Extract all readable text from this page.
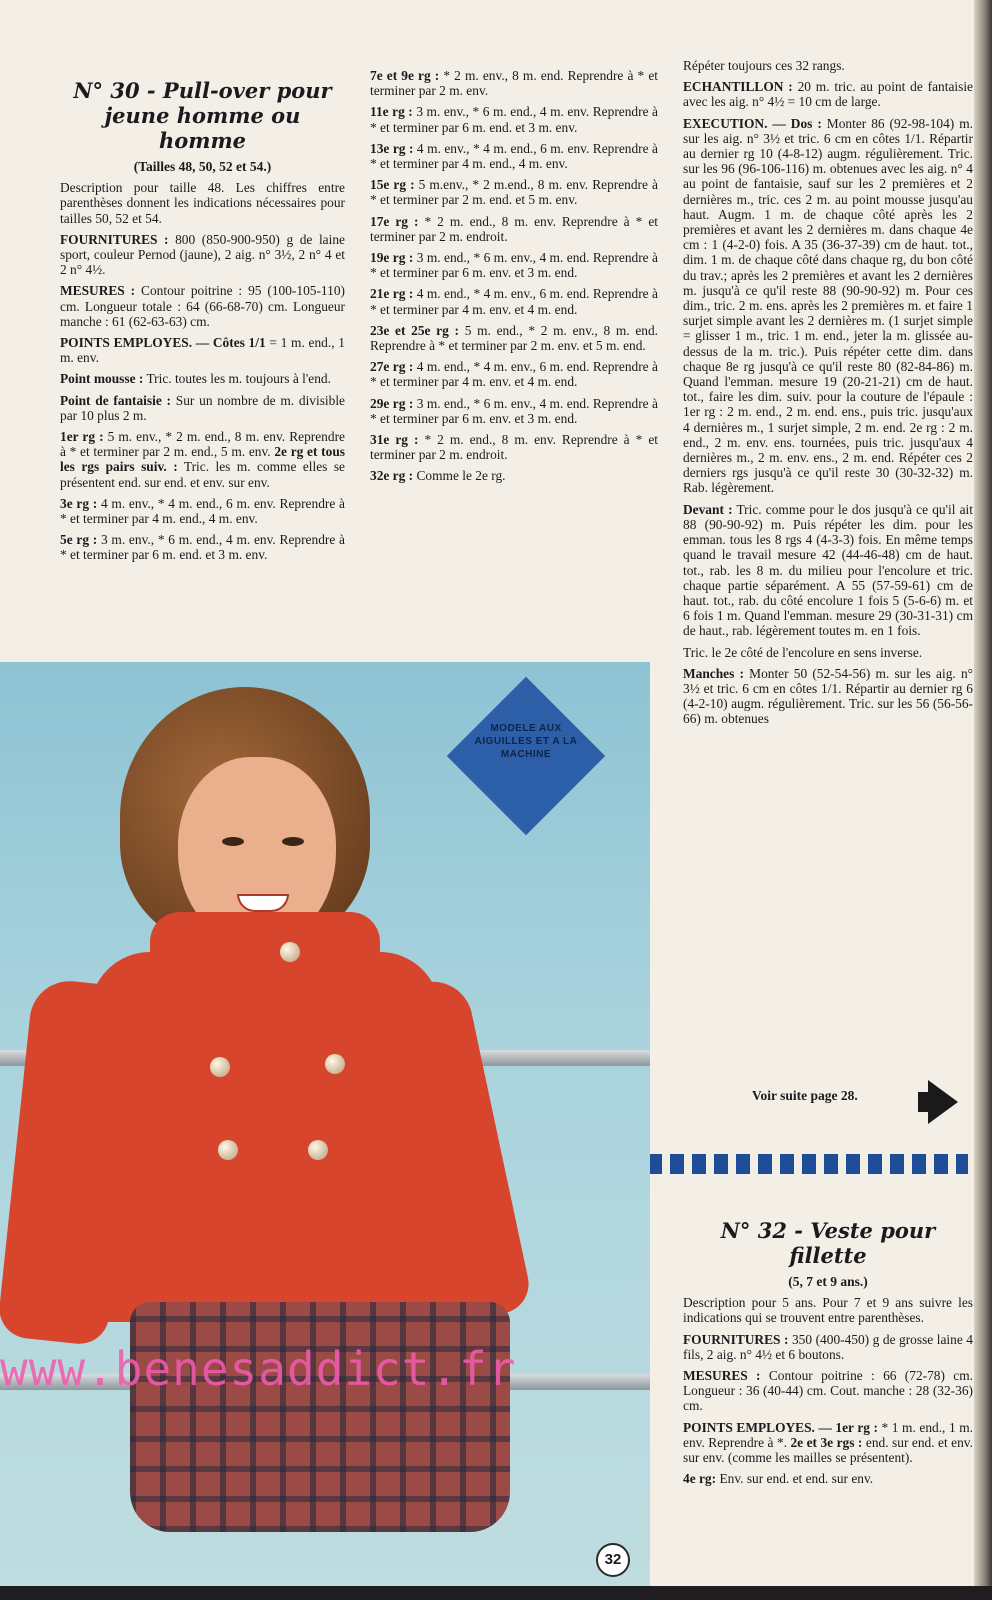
N° 30 - Pull-over pour jeune homme ou homme

(Tailles 48, 50, 52 et 54.)

Description pour taille 48. Les chiffres entre parenthèses donnent les indications nécessaires pour tailles 50, 52 et 54.

FOURNITURES : 800 (850-900-950) g de laine sport, couleur Pernod (jaune), 2 aig. n° 3½, 2 n° 4 et 2 n° 4½.

MESURES : Contour poitrine : 95 (100-105-110) cm. Longueur totale : 64 (66-68-70) cm. Longueur manche : 61 (62-63-63) cm.

POINTS EMPLOYES. — Côtes 1/1 = 1 m. end., 1 m. env.

Point mousse : Tric. toutes les m. toujours à l'end.

Point de fantaisie : Sur un nombre de m. divisible par 10 plus 2 m.

1er rg : 5 m. env., * 2 m. end., 8 m. env. Reprendre à * et terminer par 2 m. end., 5 m. env. 2e rg et tous les rgs pairs suiv. : Tric. les m. comme elles se présentent end. sur end. et env. sur env.

3e rg : 4 m. env., * 4 m. end., 6 m. env. Reprendre à * et terminer par 4 m. end., 4 m. env.

5e rg : 3 m. env., * 6 m. end., 4 m. env. Reprendre à * et terminer par 6 m. end. et 3 m. env.

7e et 9e rg : * 2 m. env., 8 m. end. Reprendre à * et terminer par 2 m. env.

11e rg : 3 m. env., * 6 m. end., 4 m. env. Reprendre à * et terminer par 6 m. end. et 3 m. env.

13e rg : 4 m. env., * 4 m. end., 6 m. env. Reprendre à * et terminer par 4 m. end., 4 m. env.

15e rg : 5 m.env., * 2 m.end., 8 m. env. Reprendre à * et terminer par 2 m. end. et 5 m. env.

17e rg : * 2 m. end., 8 m. env. Reprendre à * et terminer par 2 m. endroit.

19e rg : 3 m. end., * 6 m. env., 4 m. end. Reprendre à * et terminer par 6 m. env. et 3 m. end.

21e rg : 4 m. end., * 4 m. env., 6 m. end. Reprendre à * et terminer par 4 m. env. et 4 m. end.

23e et 25e rg : 5 m. end., * 2 m. env., 8 m. end. Reprendre à * et terminer par 2 m. env. et 5 m. end.

27e rg : 4 m. end., * 4 m. env., 6 m. end. Reprendre à * et terminer par 4 m. env. et 4 m. end.

29e rg : 3 m. end., * 6 m. env., 4 m. end. Reprendre à * et terminer par 6 m. env. et 3 m. end.

31e rg : * 2 m. end., 8 m. env. Reprendre à * et terminer par 2 m. endroit.

32e rg : Comme le 2e rg.

Répéter toujours ces 32 rangs.

ECHANTILLON : 20 m. tric. au point de fantaisie avec les aig. n° 4½ = 10 cm de large.

EXECUTION. — Dos : Monter 86 (92-98-104) m. sur les aig. n° 3½ et tric. 6 cm en côtes 1/1. Répartir au dernier rg 10 (4-8-12) augm. régulièrement. Tric. sur les 96 (96-106-116) m. obtenues avec les aig. n° 4 au point de fantaisie, sauf sur les 2 premières et 2 dernières m., tric. ces 2 m. au point mousse jusqu'au haut. Augm. 1 m. de chaque côté après les 2 premières et avant les 2 dernières m. dans chaque 4e cm : 1 (4-2-0) fois. A 35 (36-37-39) cm de haut. tot., dim. 1 m. de chaque côté dans chaque rg, du bon côté du trav.; après les 2 premières et avant les 2 dernières m. jusqu'à ce qu'il reste 88 (90-90-92) m. Pour ces dim., tric. 2 m. ens. après les 2 premières m. et faire 1 surjet simple avant les 2 dernières m. (1 surjet simple = glisser 1 m., tric. 1 m. end., jeter la m. glissée au-dessus de la m. tric.). Puis répéter cette dim. dans chaque 8e rg jusqu'à ce qu'il reste 80 (82-84-86) m. Quand l'emman. mesure 19 (20-21-21) cm de haut. tot., faire les dim. suiv. pour la couture de l'épaule : 1er rg : 2 m. end., 2 m. end. ens., puis tric. jusqu'aux 4 dernières m., 1 surjet simple, 2 m. end. 2e rg : 2 m. end., 2 m. env. ens. tournées, puis tric. jusqu'aux 4 dernières m., 2 m. env. ens., 2 m. end. Répéter ces 2 derniers rgs jusqu'à ce qu'il reste 30 (30-32-32) m. Rab. légèrement.

Devant : Tric. comme pour le dos jusqu'à ce qu'il ait 88 (90-90-92) m. Puis répéter les dim. pour les emman. tous les 8 rgs 4 (4-3-3) fois. En même temps quand le travail mesure 42 (44-46-48) cm de haut. tot., rab. les 8 m. du milieu pour l'encolure et tric. chaque partie séparément. A 55 (57-59-61) cm de haut. tot., rab. du côté encolure 1 fois 5 (5-6-6) m. et 6 fois 1 m. Quand l'emman. mesure 29 (30-31-31) cm de haut., rab. légèrement toutes m. en 1 fois.

Tric. le 2e côté de l'encolure en sens inverse.

Manches : Monter 50 (52-54-56) m. sur les aig. n° 3½ et tric. 6 cm en côtes 1/1. Répartir au dernier rg 6 (4-2-10) augm. régulièrement. Tric. sur les 56 (56-56-66) m. obtenues

Voir suite page 28.

N° 32 - Veste pour fillette

(5, 7 et 9 ans.)

Description pour 5 ans. Pour 7 et 9 ans suivre les indications qui se trouvent entre parenthèses.

FOURNITURES : 350 (400-450) g de grosse laine 4 fils, 2 aig. n° 4½ et 6 boutons.

MESURES : Contour poitrine : 66 (72-78) cm. Longueur : 36 (40-44) cm. Cout. manche : 28 (32-36) cm.

POINTS EMPLOYES. — 1er rg : * 1 m. end., 1 m. env. Reprendre à *. 2e et 3e rgs : end. sur end. et env. sur env. (comme les mailles se présentent).

4e rg: Env. sur end. et end. sur env.

MODELE AUX AIGUILLES ET A LA MACHINE
www.benesaddict.fr
32
